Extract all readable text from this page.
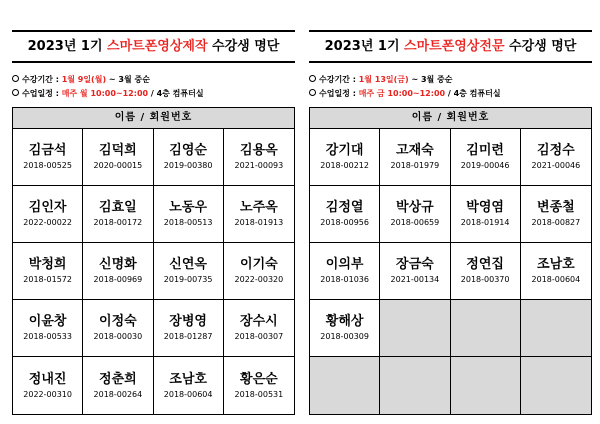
2023년 1기 스마트폰영상제작 수강생 명단
수강기간 : 1월 9일(월) ~ 3월 중순
수업일정 : 매주 월 10:00~12:00 / 4층 컴퓨터실
이름 / 회원번호
김금석
2018-00525
김덕희
2020-00015
김영순
2019-00380
김용옥
2021-00093
김인자
2022-00022
김효일
2018-00172
노동우
2018-00513
노주옥
2018-01913
박청희
2018-01572
신명화
2018-00969
신연옥
2019-00735
이기숙
2022-00320
이윤창
2018-00533
이정숙
2018-00030
장병영
2018-01287
장수시
2018-00307
정내진
2022-00310
정춘희
2018-00264
조남호
2018-00604
황은순
2018-00531
2023년 1기 스마트폰영상전문 수강생 명단
수강기간 : 1월 13일(금) ~ 3월 중순
수업일정 : 매주 금 10:00~12:00 / 4층 컴퓨터실
이름 / 회원번호
강기대
2018-00212
고재숙
2018-01979
김미련
2019-00046
김정수
2021-00046
김정열
2018-00956
박상규
2018-00659
박영염
2018-01914
변종철
2018-00827
이의부
2018-01036
장금숙
2021-00134
정연집
2018-00370
조남호
2018-00604
황해상
2018-00309
